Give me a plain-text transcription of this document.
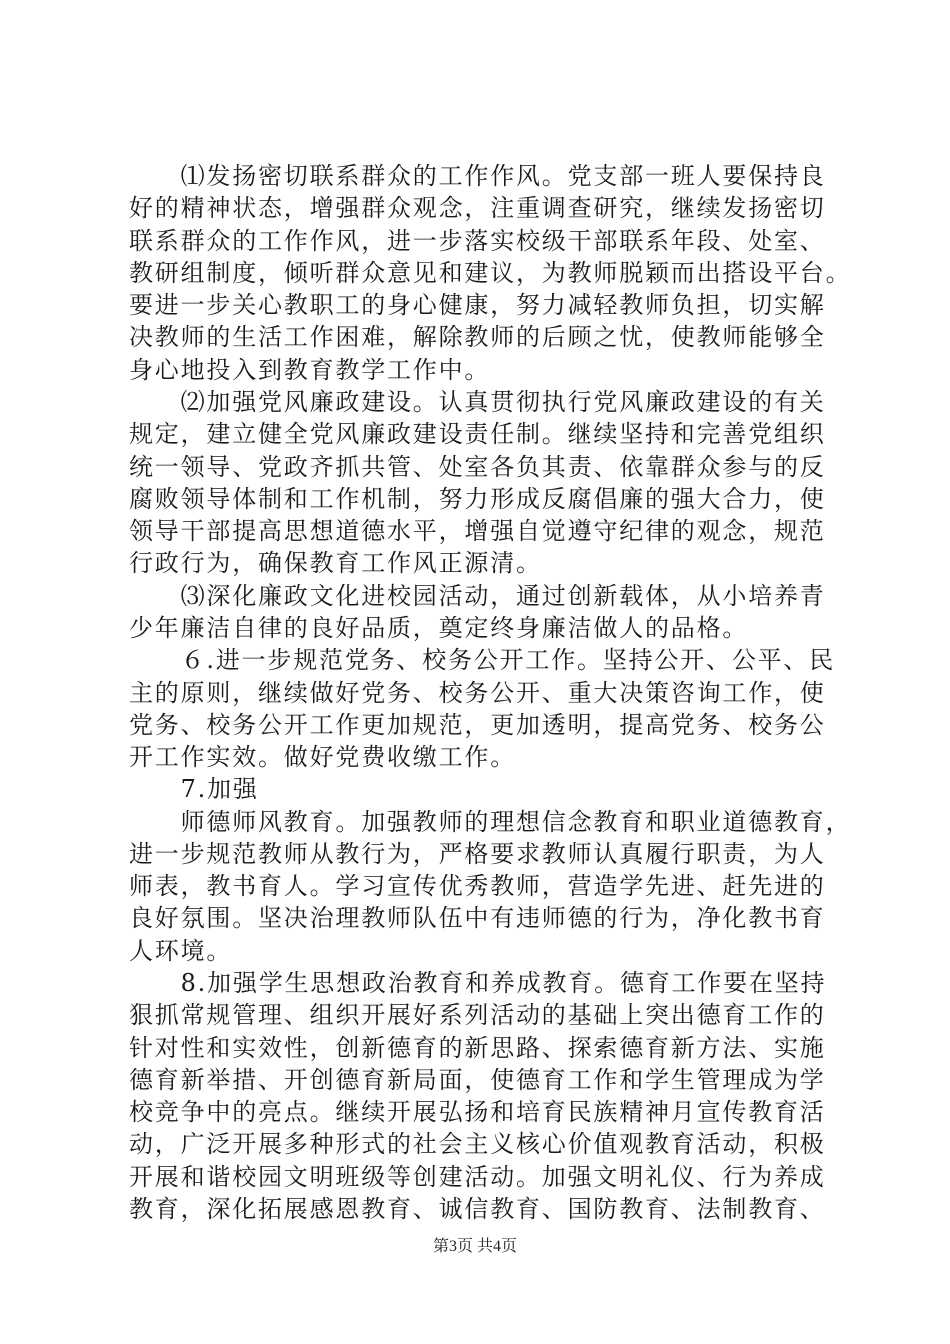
　　⑴发扬密切联系群众的工作作风。党支部一班人要保持良
好的精神状态，增强群众观念，注重调查研究，继续发扬密切
联系群众的工作作风，进一步落实校级干部联系年段、处室、
教研组制度，倾听群众意见和建议，为教师脱颖而出搭设平台。
要进一步关心教职工的身心健康，努力减轻教师负担，切实解
决教师的生活工作困难，解除教师的后顾之忧，使教师能够全
身心地投入到教育教学工作中。
　　⑵加强党风廉政建设。认真贯彻执行党风廉政建设的有关
规定，建立健全党风廉政建设责任制。继续坚持和完善党组织
统一领导、党政齐抓共管、处室各负其责、依靠群众参与的反
腐败领导体制和工作机制，努力形成反腐倡廉的强大合力，使
领导干部提高思想道德水平，增强自觉遵守纪律的观念，规范
行政行为，确保教育工作风正源清。
　　⑶深化廉政文化进校园活动，通过创新载体，从小培养青
少年廉洁自律的良好品质，奠定终身廉洁做人的品格。
　　６.进一步规范党务、校务公开工作。坚持公开、公平、民
主的原则，继续做好党务、校务公开、重大决策咨询工作，使
党务、校务公开工作更加规范，更加透明，提高党务、校务公
开工作实效。做好党费收缴工作。
　　7.加强
　　师德师风教育。加强教师的理想信念教育和职业道德教育，
进一步规范教师从教行为，严格要求教师认真履行职责，为人
师表，教书育人。学习宣传优秀教师，营造学先进、赶先进的
良好氛围。坚决治理教师队伍中有违师德的行为，净化教书育
人环境。
　　8.加强学生思想政治教育和养成教育。德育工作要在坚持
狠抓常规管理、组织开展好系列活动的基础上突出德育工作的
针对性和实效性，创新德育的新思路、探索德育新方法、实施
德育新举措、开创德育新局面，使德育工作和学生管理成为学
校竞争中的亮点。继续开展弘扬和培育民族精神月宣传教育活
动，广泛开展多种形式的社会主义核心价值观教育活动，积极
开展和谐校园文明班级等创建活动。加强文明礼仪、行为养成
教育，深化拓展感恩教育、诚信教育、国防教育、法制教育、
第3页 共4页
